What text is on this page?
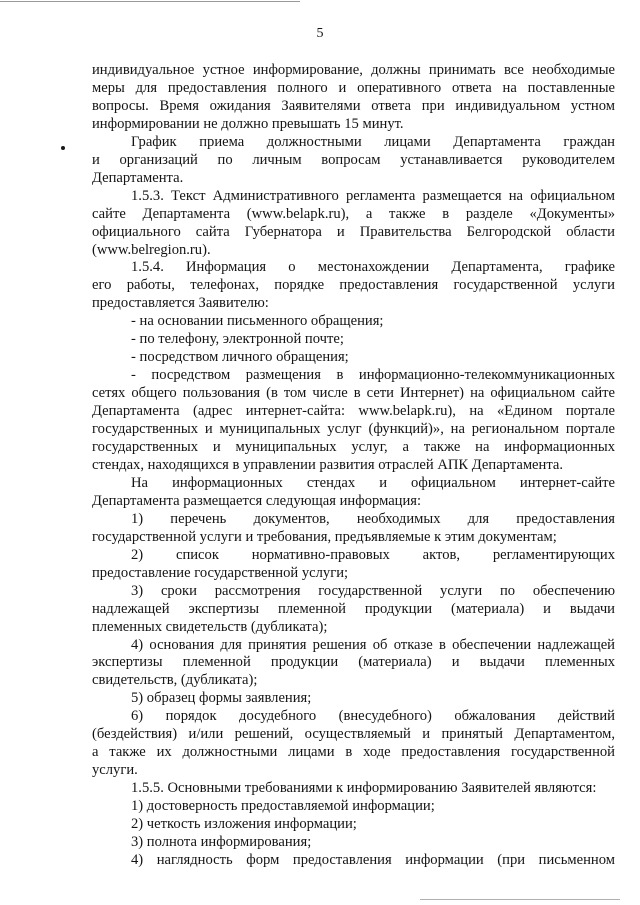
5
индивидуальное устное информирование, должны принимать все необходимые
меры для предоставления полного и оперативного ответа на поставленные
вопросы. Время ожидания Заявителями ответа при индивидуальном устном
информировании не должно превышать 15 минут.
График приема должностными лицами Департамента граждан
и организаций по личным вопросам устанавливается руководителем
Департамента.
1.5.3. Текст Административного регламента размещается на официальном
сайте Департамента (www.belapk.ru), а также в разделе «Документы»
официального сайта Губернатора и Правительства Белгородской области
(www.belregion.ru).
1.5.4. Информация о местонахождении Департамента, графике
его работы, телефонах, порядке предоставления государственной услуги
предоставляется Заявителю:
- на основании письменного обращения;
- по телефону, электронной почте;
- посредством личного обращения;
- посредством размещения в информационно-телекоммуникационных
сетях общего пользования (в том числе в сети Интернет) на официальном сайте
Департамента (адрес интернет-сайта: www.belapk.ru), на «Едином портале
государственных и муниципальных услуг (функций)», на региональном портале
государственных и муниципальных услуг, а также на информационных
стендах, находящихся в управлении развития отраслей АПК Департамента.
На информационных стендах и официальном интернет-сайте
Департамента размещается следующая информация:
1) перечень документов, необходимых для предоставления
государственной услуги и требования, предъявляемые к этим документам;
2) список нормативно-правовых актов, регламентирующих
предоставление государственной услуги;
3) сроки рассмотрения государственной услуги по обеспечению
надлежащей экспертизы племенной продукции (материала) и выдачи
племенных свидетельств (дубликата);
4) основания для принятия решения об отказе в обеспечении надлежащей
экспертизы племенной продукции (материала) и выдачи племенных
свидетельств, (дубликата);
5) образец формы заявления;
6) порядок досудебного (внесудебного) обжалования действий
(бездействия) и/или решений, осуществляемый и принятый Департаментом,
а также их должностными лицами в ходе предоставления государственной
услуги.
1.5.5. Основными требованиями к информированию Заявителей являются:
1) достоверность предоставляемой информации;
2) четкость изложения информации;
3) полнота информирования;
4) наглядность форм предоставления информации (при письменном
